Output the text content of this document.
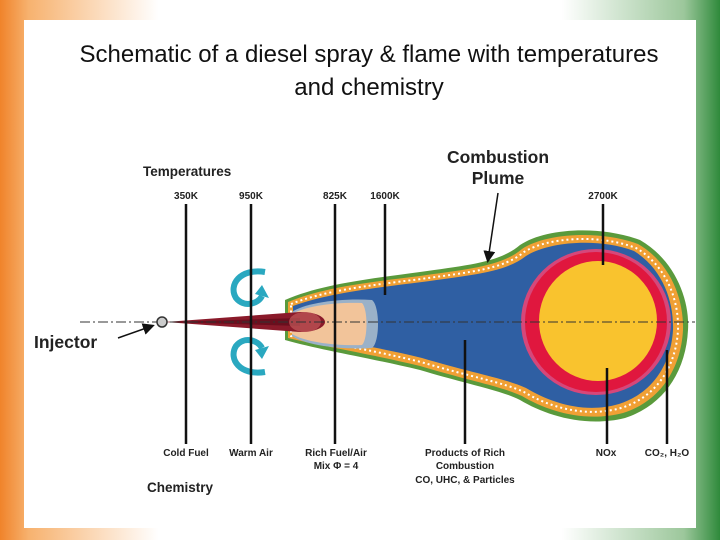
Schematic of a diesel spray & flame with temperatures
and chemistry
Temperatures
350K	950K	825K 1600K	2700K
Combustion
Plume
Injector
Cold Fuel Warm Air	Rich Fuel/Air
Mix Φ = 4
Products of Rich
Combustion
CO, UHC, & Particles
NOx	CO₂, H₂O
Chemistry
